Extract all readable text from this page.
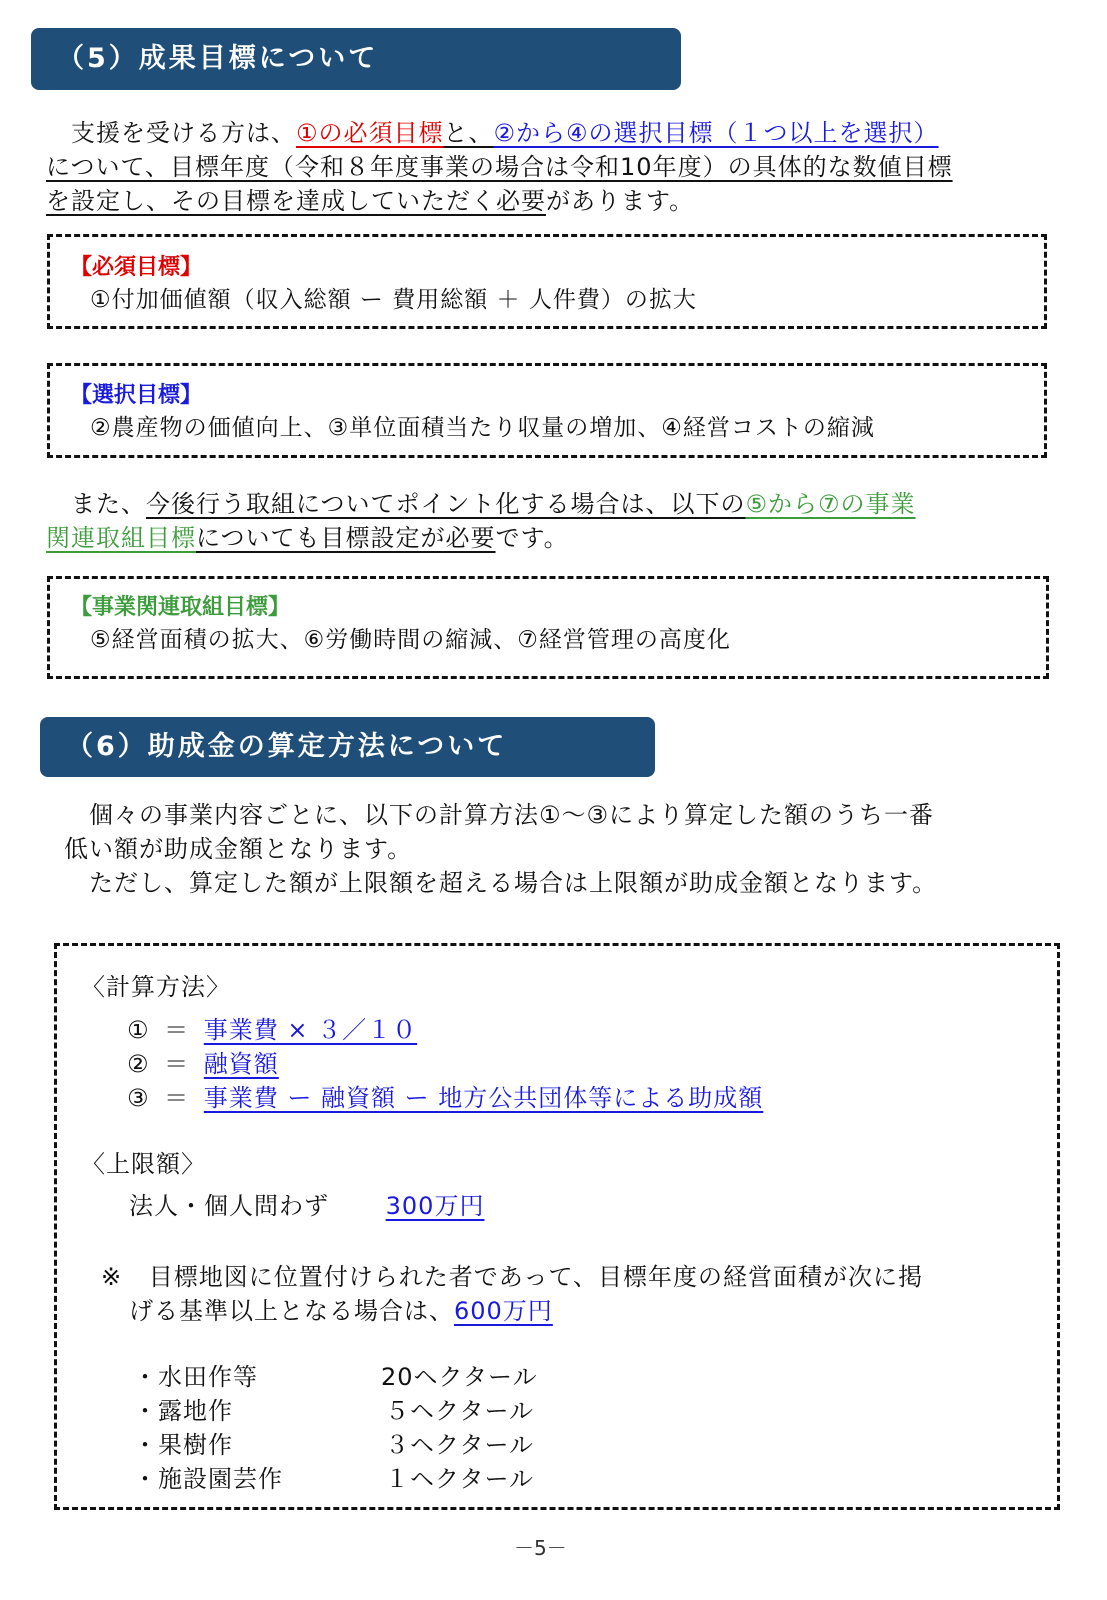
（5）成果目標について
　支援を受ける方は、①の必須目標と、②から④の選択目標（１つ以上を選択）
について、目標年度（令和８年度事業の場合は令和10年度）の具体的な数値目標
を設定し、その目標を達成していただく必要があります。
【必須目標】
①付加価値額（収入総額 ー 費用総額 ＋ 人件費）の拡大
【選択目標】
②農産物の価値向上、③単位面積当たり収量の増加、④経営コストの縮減
　また、今後行う取組についてポイント化する場合は、以下の⑤から⑦の事業
関連取組目標についても目標設定が必要です。
【事業関連取組目標】
⑤経営面積の拡大、⑥労働時間の縮減、⑦経営管理の高度化
（6）助成金の算定方法について
　個々の事業内容ごとに、以下の計算方法①～③により算定した額のうち一番
低い額が助成金額となります。
　ただし、算定した額が上限額を超える場合は上限額が助成金額となります。
〈計算方法〉
① ＝ 事業費 × ３／１０
② ＝ 融資額
③ ＝ 事業費 ー 融資額 ー 地方公共団体等による助成額
〈上限額〉
法人・個人問わず 300万円
※ 目標地図に位置付けられた者であって、目標年度の経営面積が次に掲
げる基準以上となる場合は、600万円
・水田作等	20ヘクタール
・露地作	５ヘクタール
・果樹作	３ヘクタール
・施設園芸作	１ヘクタール
－5－
